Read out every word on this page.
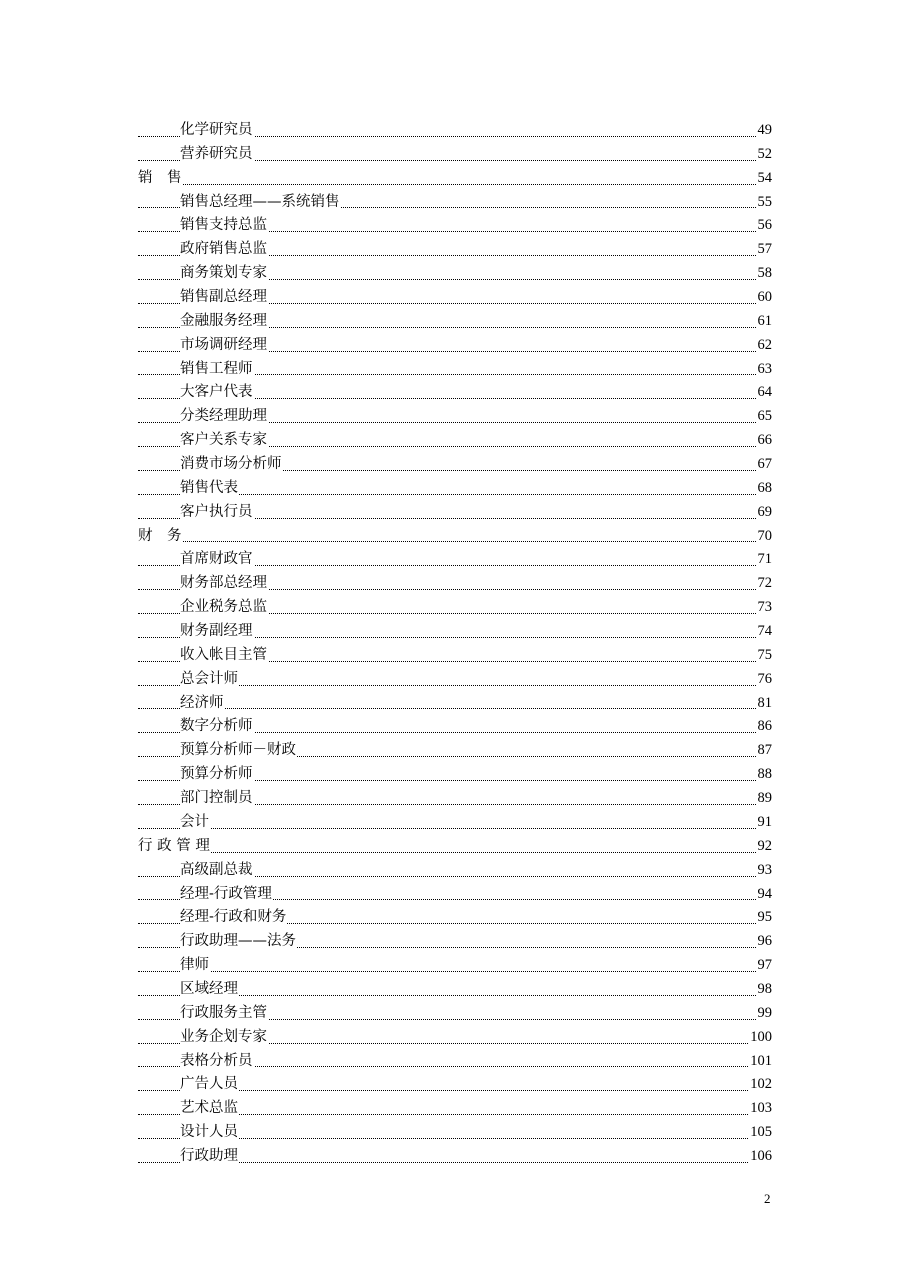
化学研究员	49
营养研究员	52
销　售	54
销售总经理——系统销售	55
销售支持总监	56
政府销售总监	57
商务策划专家	58
销售副总经理	60
金融服务经理	61
市场调研经理	62
销售工程师	63
大客户代表	64
分类经理助理	65
客户关系专家	66
消费市场分析师	67
销售代表	68
客户执行员	69
财　务	70
首席财政官	71
财务部总经理	72
企业税务总监	73
财务副经理	74
收入帐目主管	75
总会计师	76
经济师	81
数字分析师	86
预算分析师－财政	87
预算分析师	88
部门控制员	89
会计	91
行 政 管 理	92
高级副总裁	93
经理-行政管理	94
经理-行政和财务	95
行政助理——法务	96
律师	97
区域经理	98
行政服务主管	99
业务企划专家	100
表格分析员	101
广告人员	102
艺术总监	103
设计人员	105
行政助理	106
2
